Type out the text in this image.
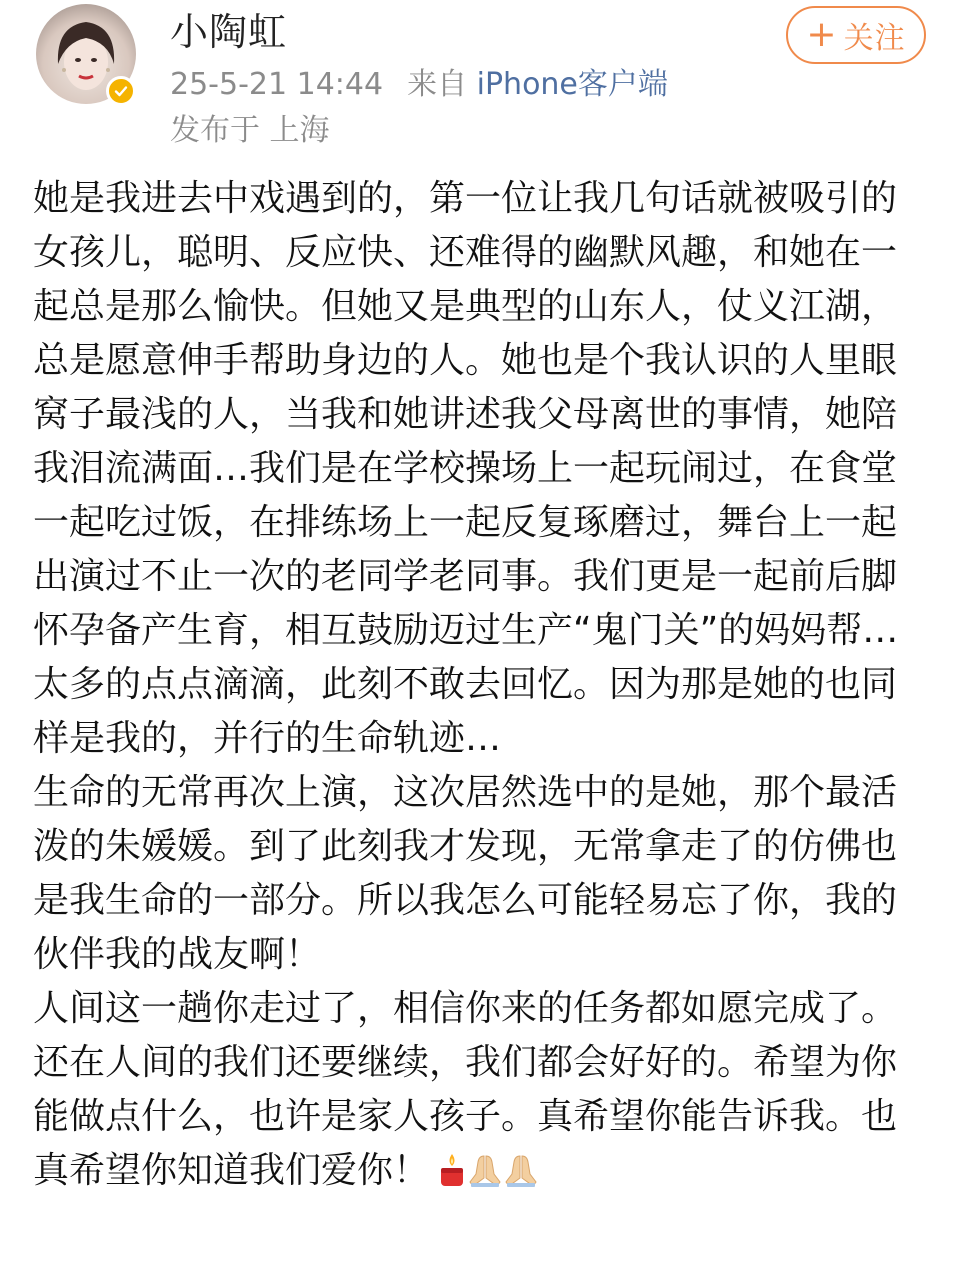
小陶虹
25-5-21 14:44 来自 iPhone客户端
发布于 上海
+ 关注

她是我进去中戏遇到的，第一位让我几句话就被吸引的女孩儿，聪明、反应快、还难得的幽默风趣，和她在一起总是那么愉快。但她又是典型的山东人，仗义江湖，总是愿意伸手帮助身边的人。她也是个我认识的人里眼窝子最浅的人，当我和她讲述我父母离世的事情，她陪我泪流满面…我们是在学校操场上一起玩闹过，在食堂一起吃过饭，在排练场上一起反复琢磨过，舞台上一起出演过不止一次的老同学老同事。我们更是一起前后脚怀孕备产生育，相互鼓励迈过生产“鬼门关”的妈妈帮…太多的点点滴滴，此刻不敢去回忆。因为那是她的也同样是我的，并行的生命轨迹…

生命的无常再次上演，这次居然选中的是她，那个最活泼的朱媛媛。到了此刻我才发现，无常拿走了的仿佛也是我生命的一部分。所以我怎么可能轻易忘了你，我的伙伴我的战友啊！

人间这一趟你走过了，相信你来的任务都如愿完成了。还在人间的我们还要继续，我们都会好好的。希望为你能做点什么，也许是家人孩子。真希望你能告诉我。也真希望你知道我们爱你！
